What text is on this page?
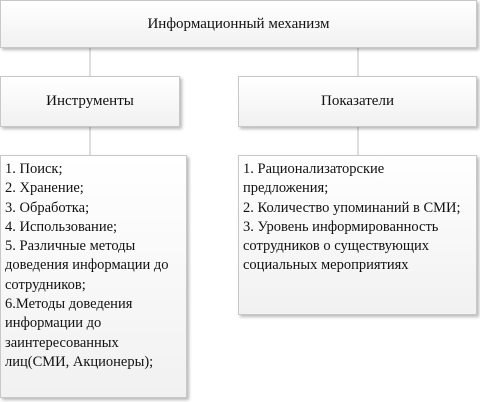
Информационный механизм
Инструменты	Показатели
1. Поиск;
2. Хранение;
3. Обработка;
4. Использование;
5. Различные методы доведения информации до сотрудников;
6.Методы доведения информации до заинтересованных лиц(СМИ, Акционеры);
1. Рационализаторские предложения;
2. Количество упоминаний в СМИ;
3. Уровень информированность сотрудников о существующих социальных мероприятиях
